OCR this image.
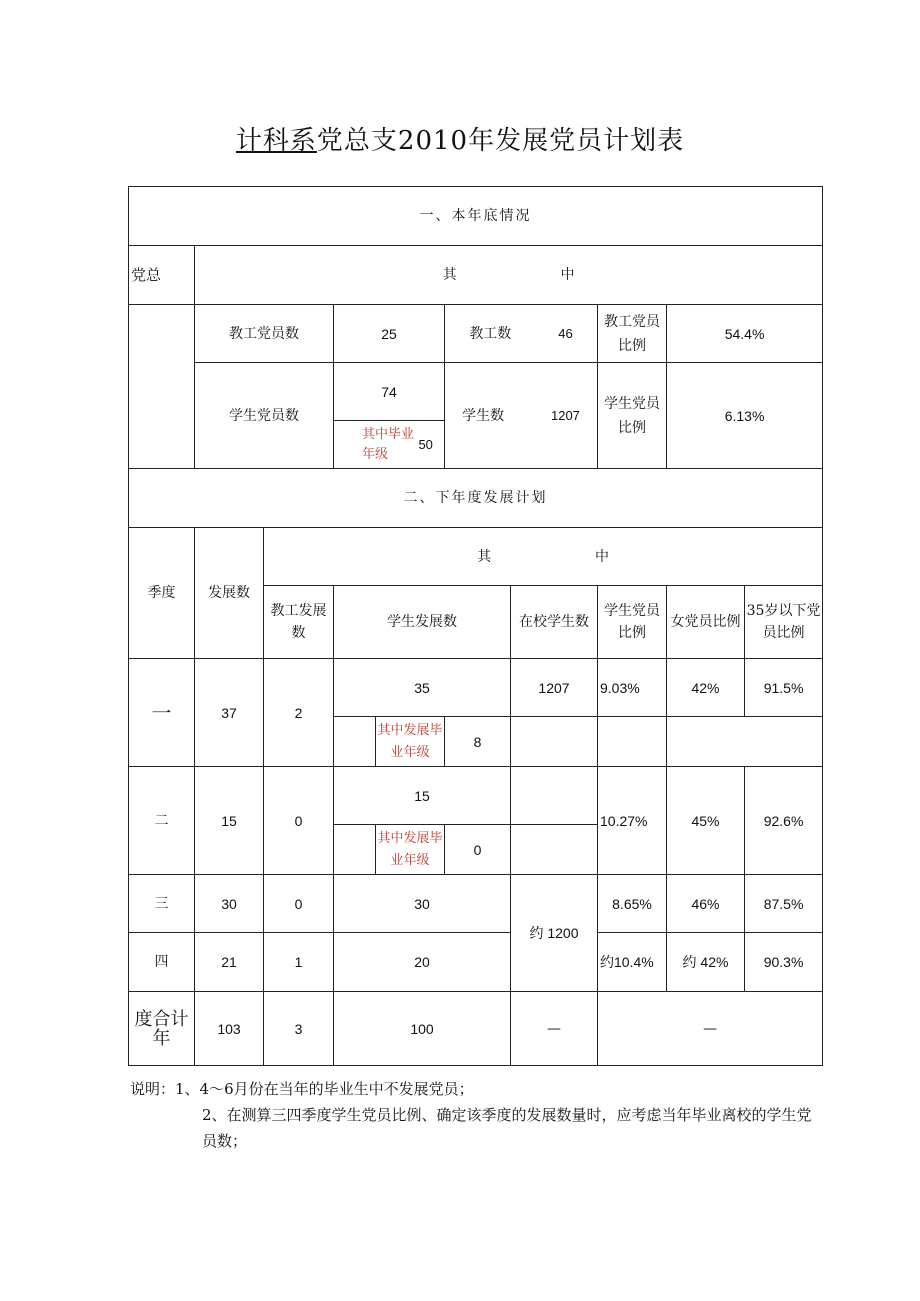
计科系党总支2010年发展党员计划表
一、本年底情况									
党总	其 中								
	教工党员数		25		教工数 46		教工党员比例	54.4%	
	学生党员数		74		学生数 1207		学生党员比例	6.13%	
			其中毕业年级 50						
二、下年度发展计划									
季度	发展数	其 中							
		教工发展数	学生发展数			在校学生数	学生党员比例	女党员比例	35岁以下党员比例
一	37	2	35			1207	9.03%	42%	91.5%
				其中发展毕业年级	8				
二	15	0	15				10.27%	45%	92.6%
				其中发展毕业年级	0				
三	30	0	30			约 1200	8.65%	46%	87.5%
四	21	1	20				约10.4%	约 42%	90.3%
度合计年	103	3	100			—	—		

说明：1、4～6月份在当年的毕业生中不发展党员；

2、在测算三四季度学生党员比例、确定该季度的发展数量时，应考虑当年毕业离校的学生党员数；
